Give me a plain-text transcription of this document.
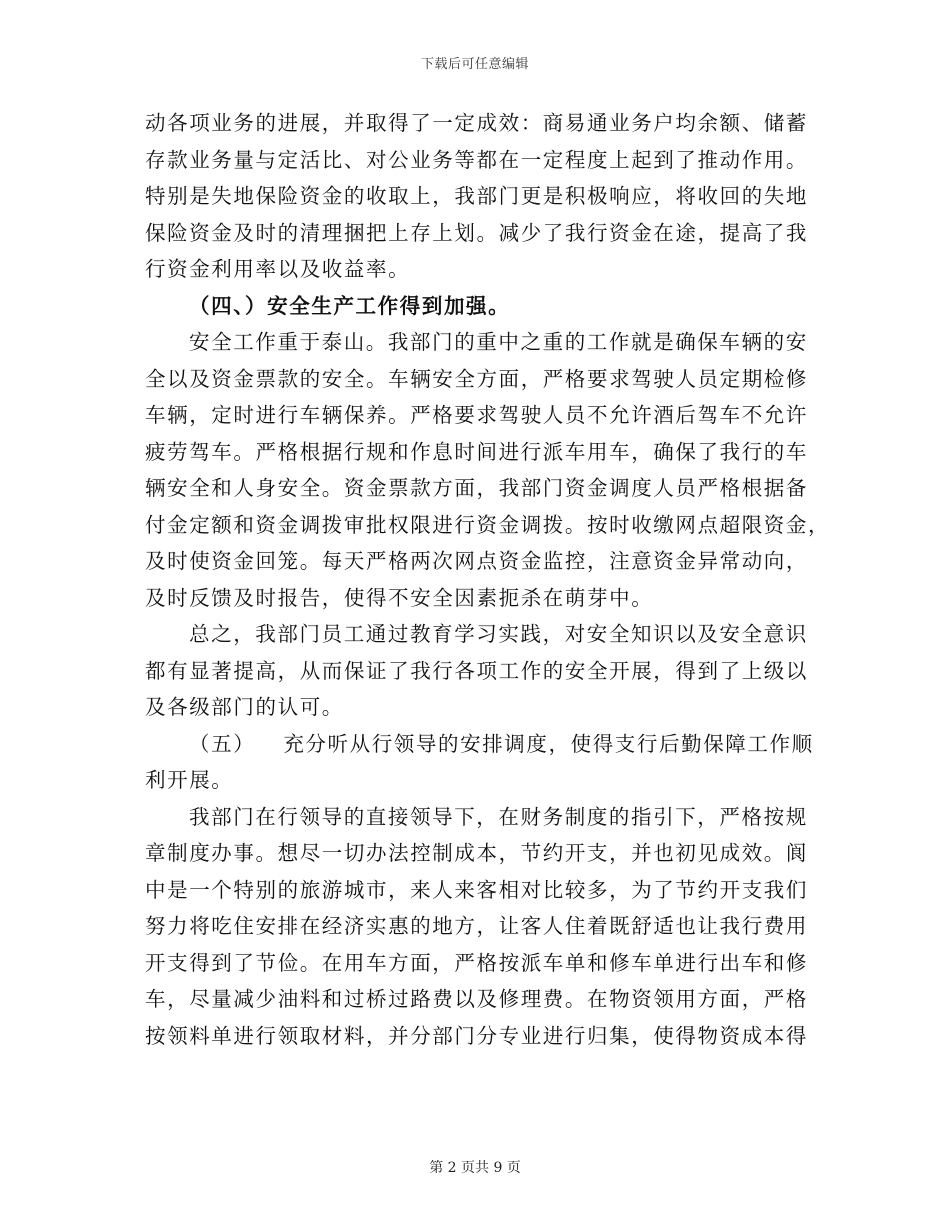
下载后可任意编辑
动各项业务的进展，并取得了一定成效：商易通业务户均余额、储蓄
存款业务量与定活比、对公业务等都在一定程度上起到了推动作用。
特别是失地保险资金的收取上，我部门更是积极响应，将收回的失地
保险资金及时的清理捆把上存上划。减少了我行资金在途，提高了我
行资金利用率以及收益率。
（四、）安全生产工作得到加强。
安全工作重于泰山。我部门的重中之重的工作就是确保车辆的安
全以及资金票款的安全。车辆安全方面，严格要求驾驶人员定期检修
车辆，定时进行车辆保养。严格要求驾驶人员不允许酒后驾车不允许
疲劳驾车。严格根据行规和作息时间进行派车用车，确保了我行的车
辆安全和人身安全。资金票款方面，我部门资金调度人员严格根据备
付金定额和资金调拨审批权限进行资金调拨。按时收缴网点超限资金，
及时使资金回笼。每天严格两次网点资金监控，注意资金异常动向，
及时反馈及时报告，使得不安全因素扼杀在萌芽中。
总之，我部门员工通过教育学习实践，对安全知识以及安全意识
都有显著提高，从而保证了我行各项工作的安全开展，得到了上级以
及各级部门的认可。
（五） 充分听从行领导的安排调度，使得支行后勤保障工作顺
利开展。
我部门在行领导的直接领导下，在财务制度的指引下，严格按规
章制度办事。想尽一切办法控制成本，节约开支，并也初见成效。阆
中是一个特别的旅游城市，来人来客相对比较多，为了节约开支我们
努力将吃住安排在经济实惠的地方，让客人住着既舒适也让我行费用
开支得到了节俭。在用车方面，严格按派车单和修车单进行出车和修
车，尽量减少油料和过桥过路费以及修理费。在物资领用方面，严格
按领料单进行领取材料，并分部门分专业进行归集，使得物资成本得
第 2 页共 9 页
